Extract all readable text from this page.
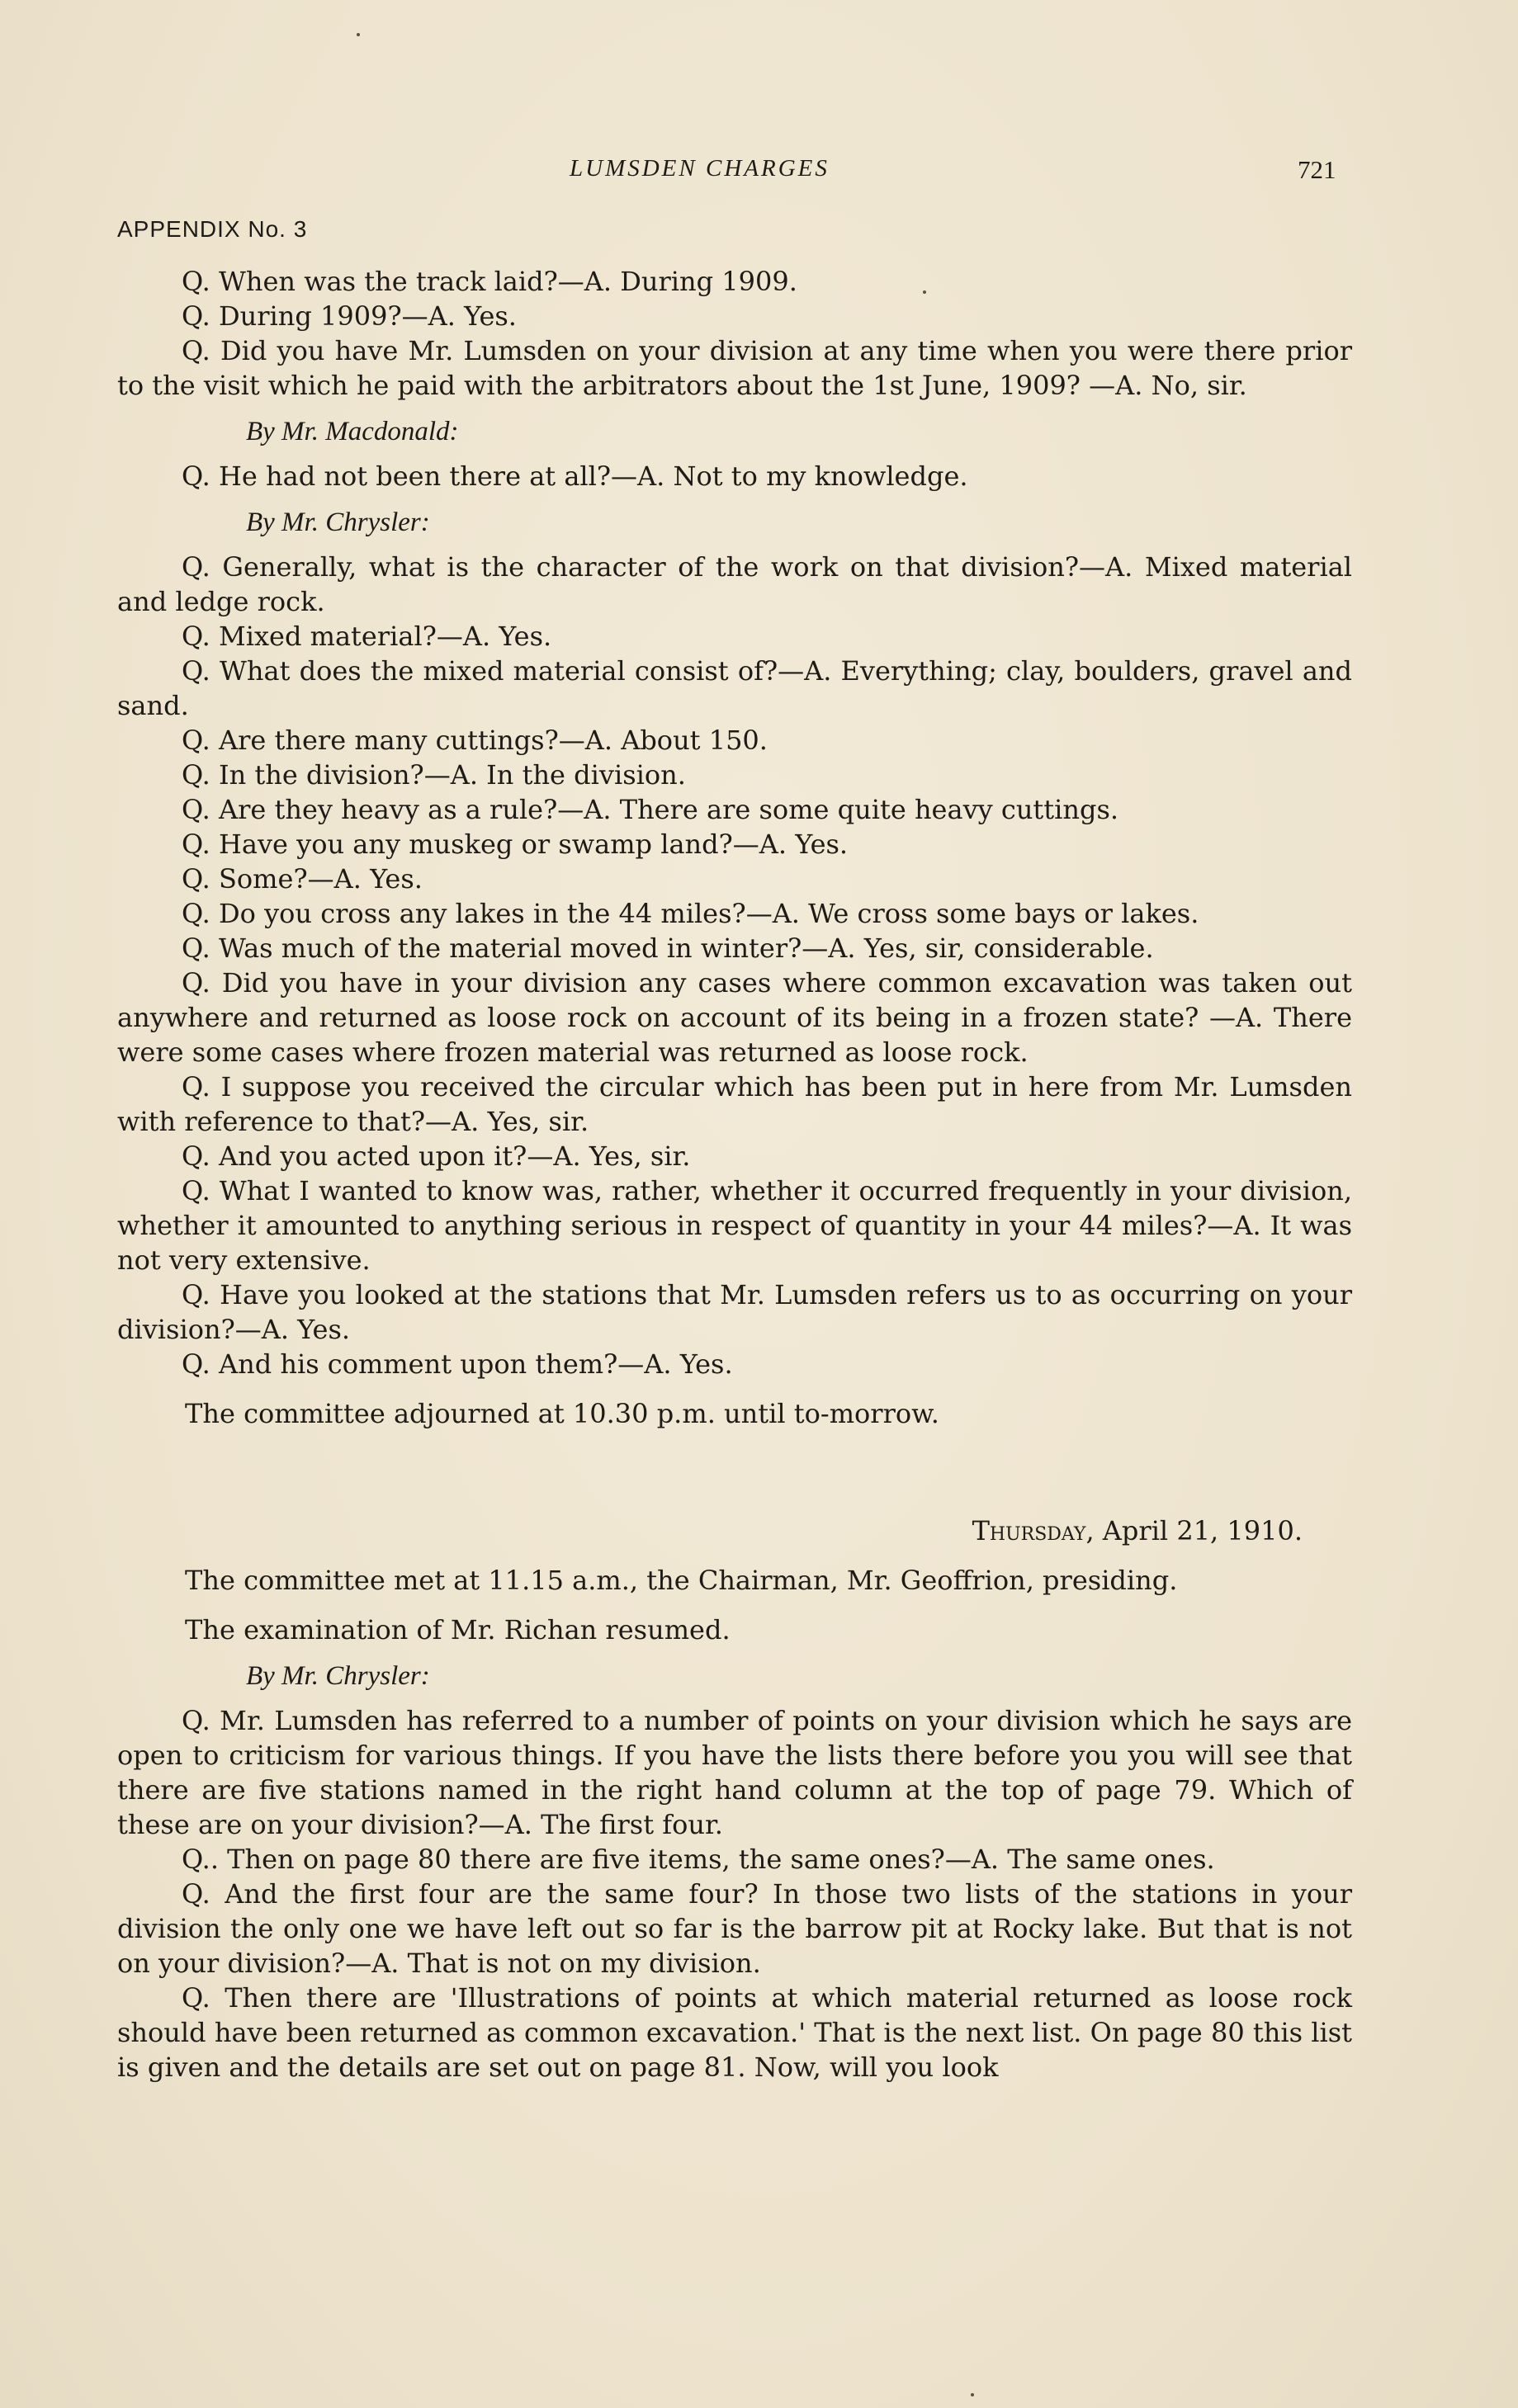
LUMSDEN CHARGES	721
APPENDIX No. 3

Q. When was the track laid?—A. During 1909.

Q. During 1909?—A. Yes.

Q. Did you have Mr. Lumsden on your division at any time when you were there prior to the visit which he paid with the arbitrators about the 1st June, 1909? —A. No, sir.

By Mr. Macdonald:

Q. He had not been there at all?—A. Not to my knowledge.

By Mr. Chrysler:

Q. Generally, what is the character of the work on that division?—A. Mixed material and ledge rock.

Q. Mixed material?—A. Yes.

Q. What does the mixed material consist of?—A. Everything; clay, boulders, gravel and sand.

Q. Are there many cuttings?—A. About 150.

Q. In the division?—A. In the division.

Q. Are they heavy as a rule?—A. There are some quite heavy cuttings.

Q. Have you any muskeg or swamp land?—A. Yes.

Q. Some?—A. Yes.

Q. Do you cross any lakes in the 44 miles?—A. We cross some bays or lakes.

Q. Was much of the material moved in winter?—A. Yes, sir, considerable.

Q. Did you have in your division any cases where common excavation was taken out anywhere and returned as loose rock on account of its being in a frozen state? —A. There were some cases where frozen material was returned as loose rock.

Q. I suppose you received the circular which has been put in here from Mr. Lumsden with reference to that?—A. Yes, sir.

Q. And you acted upon it?—A. Yes, sir.

Q. What I wanted to know was, rather, whether it occurred frequently in your division, whether it amounted to anything serious in respect of quantity in your 44 miles?—A. It was not very extensive.

Q. Have you looked at the stations that Mr. Lumsden refers us to as occurring on your division?—A. Yes.

Q. And his comment upon them?—A. Yes.

The committee adjourned at 10.30 p.m. until to-morrow.

Thursday, April 21, 1910.

The committee met at 11.15 a.m., the Chairman, Mr. Geoffrion, presiding.

The examination of Mr. Richan resumed.

By Mr. Chrysler:

Q. Mr. Lumsden has referred to a number of points on your division which he says are open to criticism for various things. If you have the lists there before you you will see that there are five stations named in the right hand column at the top of page 79. Which of these are on your division?—A. The first four.

Q.. Then on page 80 there are five items, the same ones?—A. The same ones.

Q. And the first four are the same four? In those two lists of the stations in your division the only one we have left out so far is the barrow pit at Rocky lake. But that is not on your division?—A. That is not on my division.

Q. Then there are 'Illustrations of points at which material returned as loose rock should have been returned as common excavation.' That is the next list. On page 80 this list is given and the details are set out on page 81. Now, will you look
